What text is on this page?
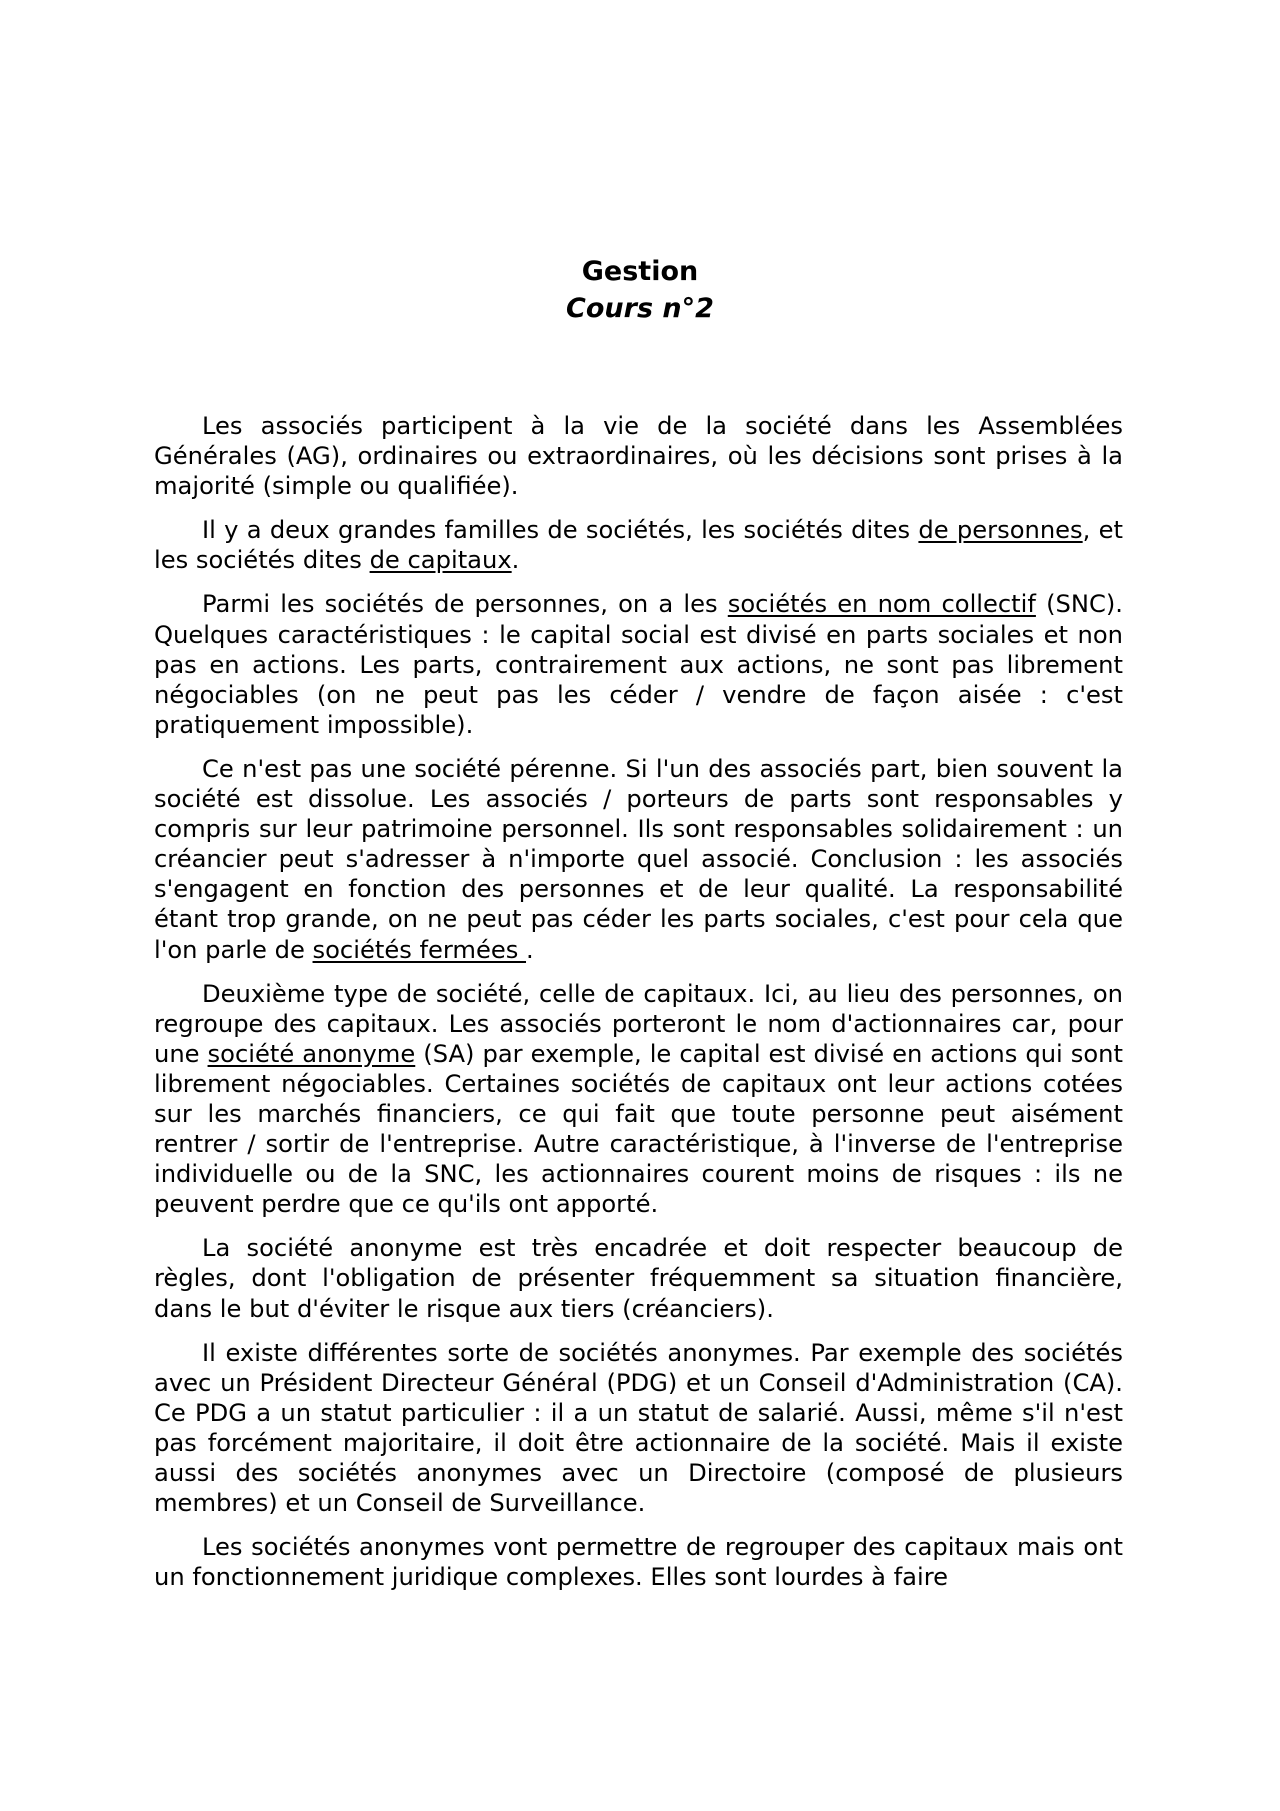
Gestion
Cours n°2

Les associés participent à la vie de la société dans les Assemblées Générales (AG), ordinaires ou extraordinaires, où les décisions sont prises à la majorité (simple ou qualifiée).

Il y a deux grandes familles de sociétés, les sociétés dites de personnes, et les sociétés dites de capitaux.

Parmi les sociétés de personnes, on a les sociétés en nom collectif (SNC). Quelques caractéristiques : le capital social est divisé en parts sociales et non pas en actions. Les parts, contrairement aux actions, ne sont pas librement négociables (on ne peut pas les céder / vendre de façon aisée : c'est pratiquement impossible).

Ce n'est pas une société pérenne. Si l'un des associés part, bien souvent la société est dissolue. Les associés / porteurs de parts sont responsables y compris sur leur patrimoine personnel. Ils sont responsables solidairement : un créancier peut s'adresser à n'importe quel associé. Conclusion : les associés s'engagent en fonction des personnes et de leur qualité. La responsabilité étant trop grande, on ne peut pas céder les parts sociales, c'est pour cela que l'on parle de sociétés fermées .

Deuxième type de société, celle de capitaux. Ici, au lieu des personnes, on regroupe des capitaux. Les associés porteront le nom d'actionnaires car, pour une société anonyme (SA) par exemple, le capital est divisé en actions qui sont librement négociables. Certaines sociétés de capitaux ont leur actions cotées sur les marchés financiers, ce qui fait que toute personne peut aisément rentrer / sortir de l'entreprise. Autre caractéristique, à l'inverse de l'entreprise individuelle ou de la SNC, les actionnaires courent moins de risques : ils ne peuvent perdre que ce qu'ils ont apporté.

La société anonyme est très encadrée et doit respecter beaucoup de règles, dont l'obligation de présenter fréquemment sa situation financière, dans le but d'éviter le risque aux tiers (créanciers).

Il existe différentes sorte de sociétés anonymes. Par exemple des sociétés avec un Président Directeur Général (PDG) et un Conseil d'Administration (CA). Ce PDG a un statut particulier : il a un statut de salarié. Aussi, même s'il n'est pas forcément majoritaire, il doit être actionnaire de la société. Mais il existe aussi des sociétés anonymes avec un Directoire (composé de plusieurs membres) et un Conseil de Surveillance.

Les sociétés anonymes vont permettre de regrouper des capitaux mais ont un fonctionnement juridique complexes. Elles sont lourdes à faire
